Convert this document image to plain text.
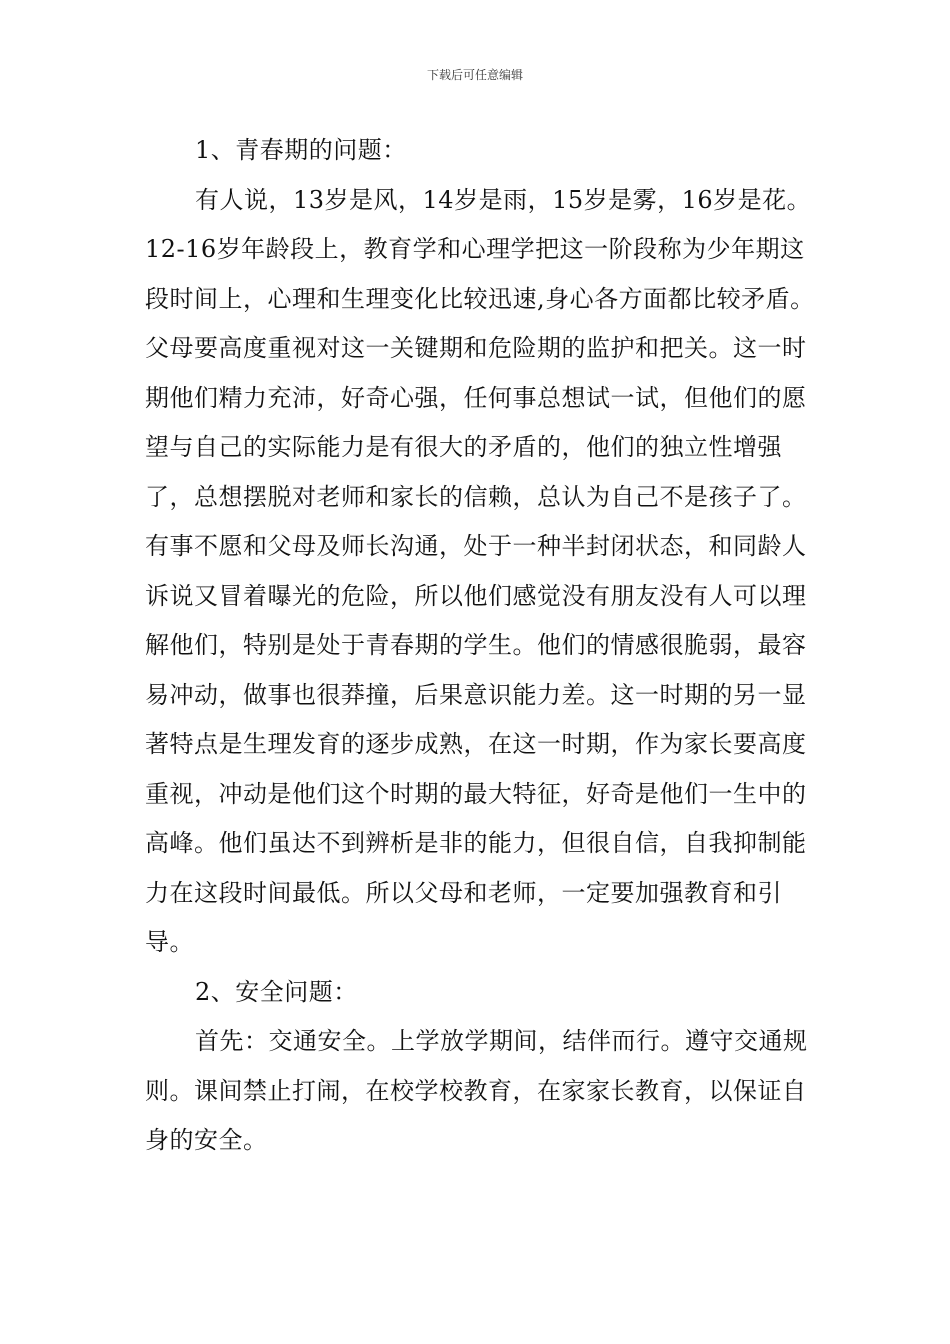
下载后可任意编辑

1、青春期的问题：

有人说，13岁是风，14岁是雨，15岁是雾，16岁是花。12-16岁年龄段上，教育学和心理学把这一阶段称为少年期这段时间上，心理和生理变化比较迅速,身心各方面都比较矛盾。父母要高度重视对这一关键期和危险期的监护和把关。这一时期他们精力充沛，好奇心强，任何事总想试一试，但他们的愿望与自己的实际能力是有很大的矛盾的，他们的独立性增强了，总想摆脱对老师和家长的信赖，总认为自己不是孩子了。有事不愿和父母及师长沟通，处于一种半封闭状态，和同龄人诉说又冒着曝光的危险，所以他们感觉没有朋友没有人可以理解他们，特别是处于青春期的学生。他们的情感很脆弱，最容易冲动，做事也很莽撞，后果意识能力差。这一时期的另一显著特点是生理发育的逐步成熟，在这一时期，作为家长要高度重视，冲动是他们这个时期的最大特征，好奇是他们一生中的高峰。他们虽达不到辨析是非的能力，但很自信，自我抑制能力在这段时间最低。所以父母和老师，一定要加强教育和引导。

2、安全问题：

首先：交通安全。上学放学期间，结伴而行。遵守交通规则。课间禁止打闹，在校学校教育，在家家长教育，以保证自身的安全。
